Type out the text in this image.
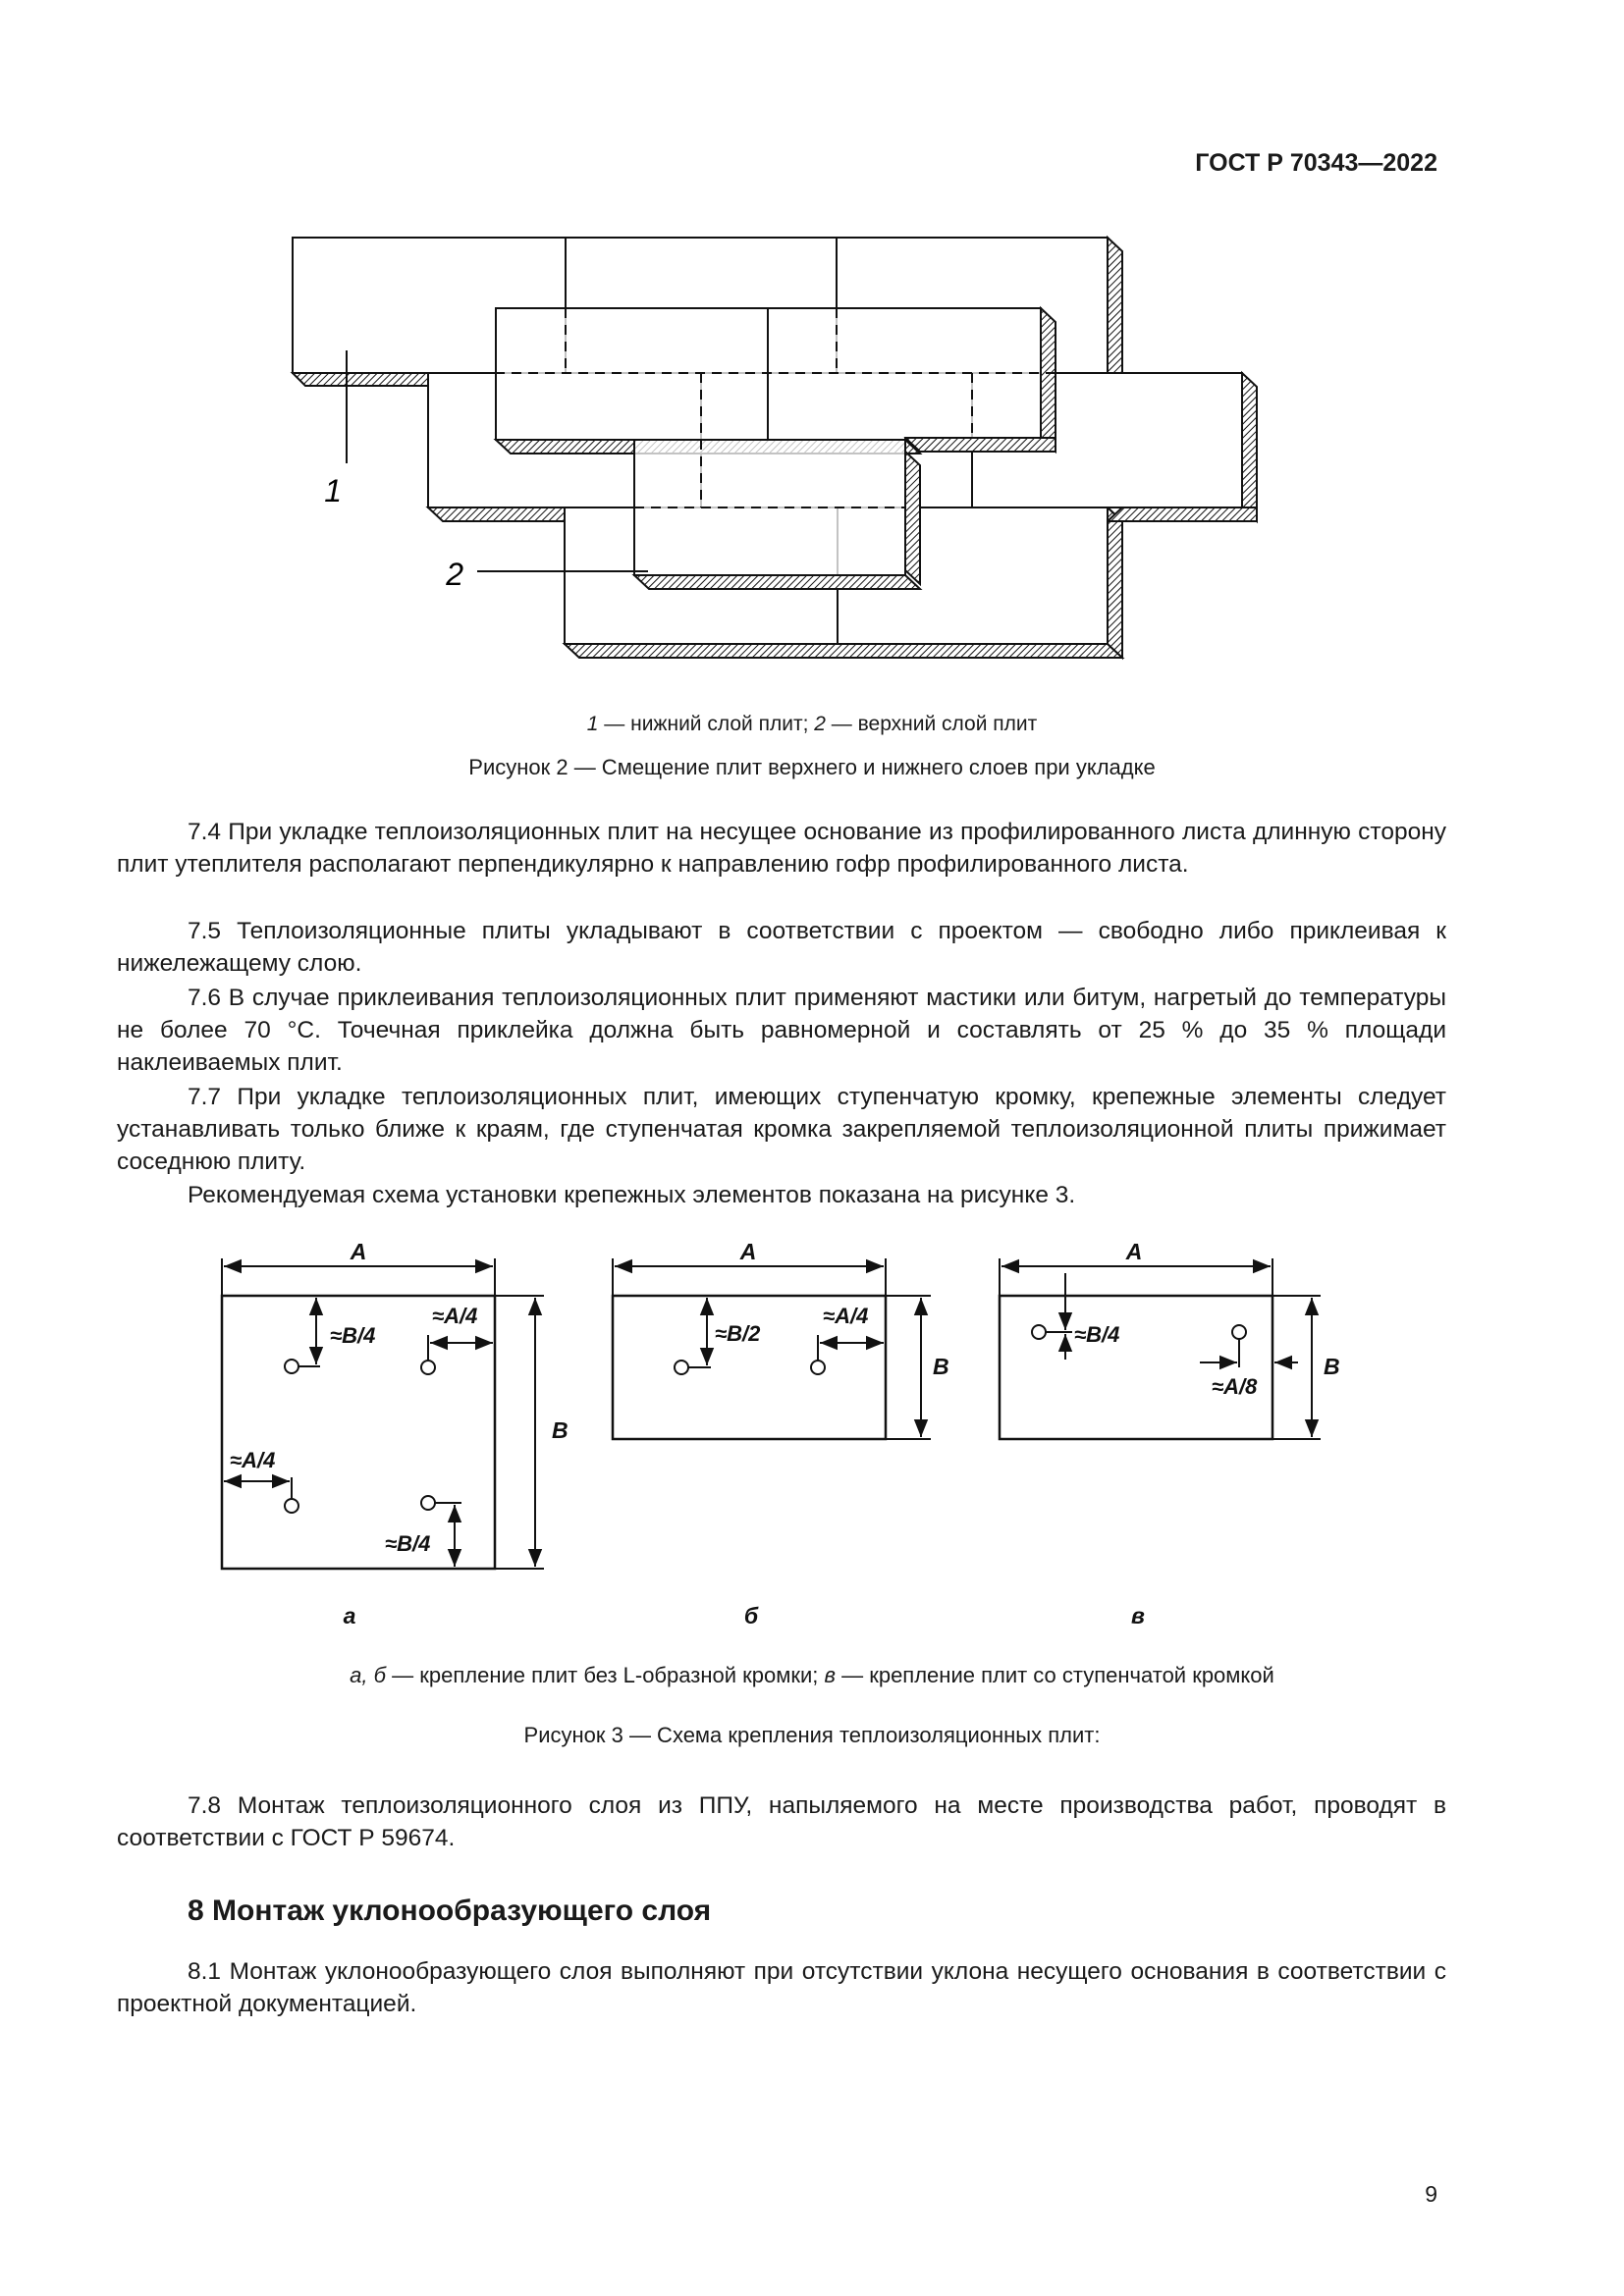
ГОСТ Р 70343—2022
1
2
1 — нижний слой плит; 2 — верхний слой плит
Рисунок 2 — Смещение плит верхнего и нижнего слоев при укладке

7.4 При укладке теплоизоляционных плит на несущее основание из профилированного листа длинную сторону плит утеплителя располагают перпендикулярно к направлению гофр профилированного листа.

7.5 Теплоизоляционные плиты укладывают в соответствии с проектом — свободно либо приклеивая к нижележащему слою.

7.6 В случае приклеивания теплоизоляционных плит применяют мастики или битум, нагретый до температуры не более 70 °С. Точечная приклейка должна быть равномерной и составлять от 25 % до 35 % площади наклеиваемых плит.

7.7 При укладке теплоизоляционных плит, имеющих ступенчатую кромку, крепежные элементы следует устанавливать только ближе к краям, где ступенчатая кромка закрепляемой теплоизоляционной плиты прижимает соседнюю плиту.

Рекомендуемая схема установки крепежных элементов показана на рисунке 3.

A
B
≈B/4
≈A/4
≈A/4
≈B/4
а
A
B
≈B/2
≈A/4
б
A
B
≈B/4
≈A/8
в
а, б — крепление плит без L-образной кромки; в — крепление плит со ступенчатой кромкой
Рисунок 3 — Схема крепления теплоизоляционных плит:

7.8 Монтаж теплоизоляционного слоя из ППУ, напыляемого на месте производства работ, проводят в соответствии с ГОСТ Р 59674.

8 Монтаж уклонообразующего слоя

8.1 Монтаж уклонообразующего слоя выполняют при отсутствии уклона несущего основания в соответствии с проектной документацией.

9
